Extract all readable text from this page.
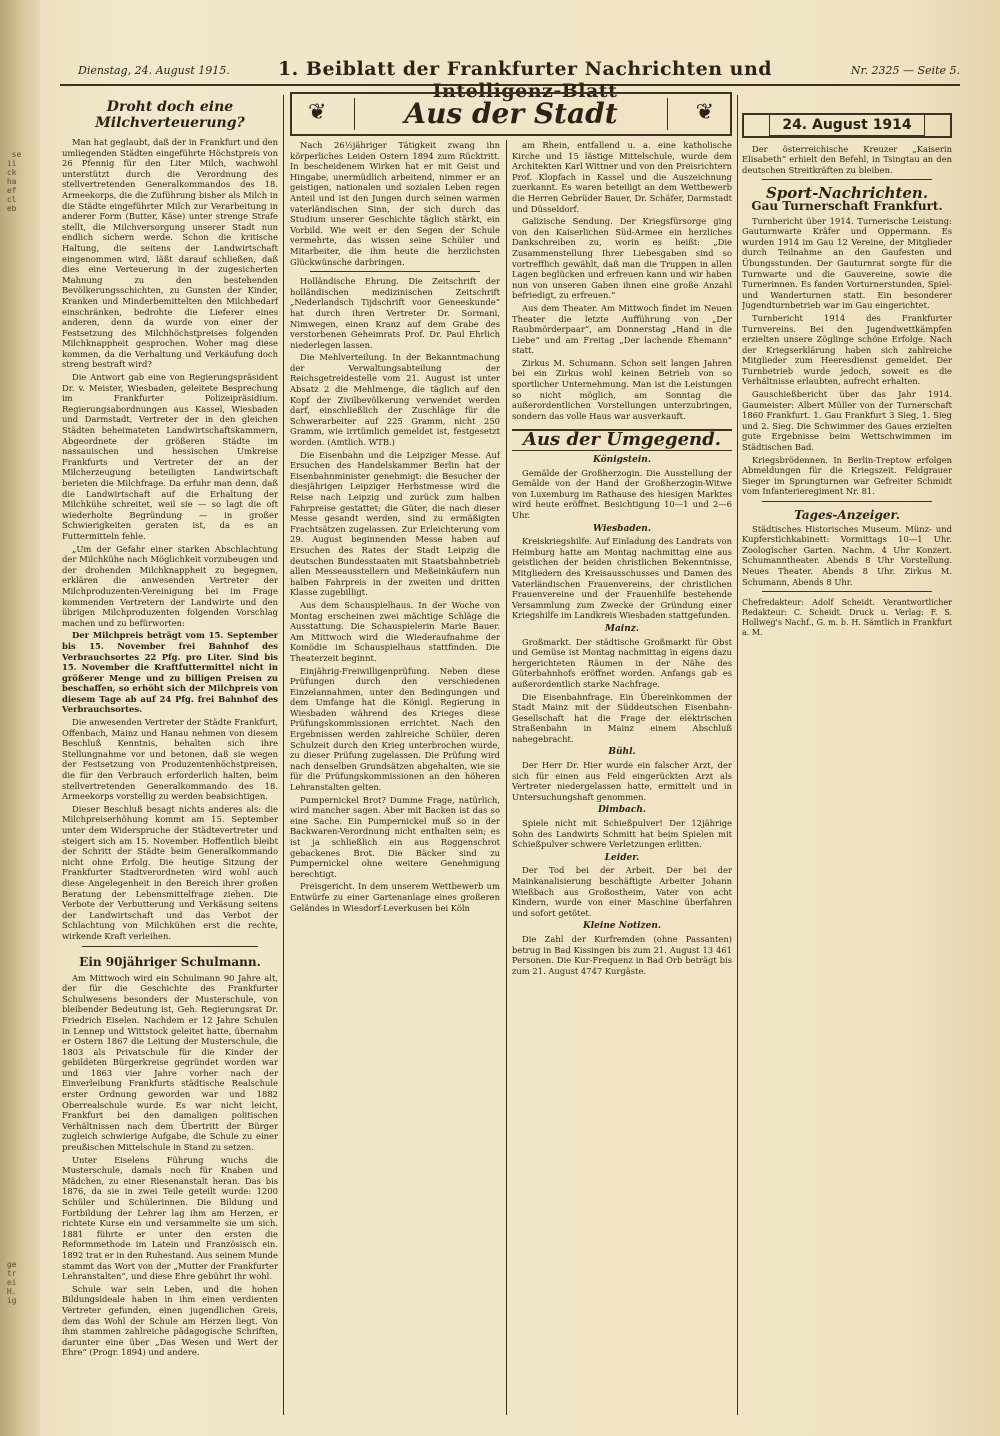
se
ii
ck
ha
ef
cl
eb
ge
tr
ei
H.
ig
Dienstag, 24. August 1915.	1. Beiblatt der Frankfurter Nachrichten und Intelligenz-Blatt
Nr. 2325 — Seite 5.
❦	Aus der Stadt	❦
Droht doch eine Milchverteuerung?

Man hat geglaubt, daß der in Frankfurt und den umliegenden Städten eingeführte Höchstpreis von 26 Pfennig für den Liter Milch, wachwohl unterstützt durch die Verordnung des stellvertretenden Generalkommandos des 18. Armeekorps, die die Zuführung bisher als Milch in die Städte eingeführter Milch zur Verarbeitung in anderer Form (Butter, Käse) unter strenge Strafe stellt, die Milchversorgung unserer Stadt nun endlich sichern werde. Schon die kritische Haltung, die seitens der Landwirtschaft eingenommen wird, läßt darauf schließen, daß dies eine Verteuerung in der zugesicherten Mahnung zu den bestehenden Bevölkerungsschichten, zu Gunsten der Kinder, Kranken und Minderbemittelten den Milchbedarf einschränken, bedrohte die Lieferer eines anderen, denn da wurde von einer der Festsetzung des Milchhöchstpreises folgenden Milchknappheit gesprochen. Woher mag diese kommen, da die Verhaltung und Verkäufung doch streng bestraft wird?

Die Antwort gab eine von Regierungspräsident Dr. v. Meister, Wiesbaden, geleitete Besprechung im Frankfurter Polizeipräsidium. Regierungsabordnungen aus Kassel, Wiesbaden und Darmstadt, Vertreter der in den gleichen Städten beheimateten Landwirtschaftskammern, Abgeordnete der größeren Städte im nassauischen und hessischen Umkreise Frankfurts und Vertreter der an der Milcherzeugung beteiligten Landwirtschaft berieten die Milchfrage. Da erfuhr man denn, daß die Landwirtschaft auf die Erhaltung der Milchkühe schreitet, weil sie — so lagt die oft wiederholte Begründung — in großer Schwierigkeiten geraten ist, da es an Futtermitteln fehle.

„Um der Gefahr einer starken Abschlachtung der Milchkühe nach Möglichkeit vorzubeugen und der drohenden Milchknappheit zu begegnen, erklären die anwesenden Vertreter der Milchproduzenten-Vereinigung bei im Frage kommenden Vertretern der Landwirte und den übrigen Milchproduzenten folgenden Vorschlag machen und zu befürworten:

Der Milchpreis beträgt vom 15. September bis 15. November frei Bahnhof des Verbrauchsortes 22 Pfg. pro Liter. Sind bis 15. November die Kraftfuttermittel nicht in größerer Menge und zu billigen Preisen zu beschaffen, so erhöht sich der Milchpreis von diesem Tage ab auf 24 Pfg. frei Bahnhof des Verbrauchsortes.

Die anwesenden Vertreter der Städte Frankfurt, Offenbach, Mainz und Hanau nehmen von diesem Beschluß Kenntnis, behalten sich ihre Stellungnahme vor und betonen, daß sie wegen der Festsetzung von Produzentenhöchstpreisen, die für den Verbrauch erforderlich halten, beim stellvertretenden Generalkommando des 18. Armeekorps vorstellig zu werden beabsichtigen.

Dieser Beschluß besagt nichts anderes als: die Milchpreiserhöhung kommt am 15. September unter dem Widerspruche der Städtevertreter und steigert sich am 15. November. Hoffentlich bleibt der Schritt der Städte beim Generalkommando nicht ohne Erfolg. Die heutige Sitzung der Frankfurter Stadtverordneten wird wohl auch diese Angelegenheit in den Bereich ihrer großen Beratung der Lebensmittelfrage ziehen. Die Verbote der Verbutterung und Verkäsung seitens der Landwirtschaft und das Verbot der Schlachtung von Milchkühen erst die rechte, wirkende Kraft verleihen.

Ein 90jähriger Schulmann.

Am Mittwoch wird ein Schulmann 90 Jahre alt, der für die Geschichte des Frankfurter Schulwesens besonders der Musterschule, von bleibender Bedeutung ist, Geh. Regierungsrat Dr. Friedrich Eiselen. Nachdem er 12 Jahre Schulen in Lennep und Wittstock geleitet hatte, übernahm er Ostern 1867 die Leitung der Musterschule, die 1803 als Privatschule für die Kinder der gebildeten Bürgerkreise gegründet worden war und 1863 vier Jahre vorher nach der Einverleibung Frankfurts städtische Realschule erster Ordnung geworden war und 1882 Oberrealschule wurde. Es war nicht leicht, Frankfurt bei den damaligen politischen Verhältnissen nach dem Übertritt der Bürger zugleich schwierige Aufgabe, die Schule zu einer preußischen Mittelschule in Stand zu setzen.

Unter Eiselens Führung wuchs die Musterschule, damals noch für Knaben und Mädchen, zu einer Riesenanstalt heran. Das bis 1876, da sie in zwei Teile geteilt wurde: 1200 Schüler und Schülerinnen. Die Bildung und Fortbildung der Lehrer lag ihm am Herzen, er richtete Kurse ein und versammelte sie um sich. 1881 führte er unter den ersten die Reformmethode im Latein und Französisch ein. 1892 trat er in den Ruhestand. Aus seinem Munde stammt das Wort von der „Mutter der Frankfurter Lehranstalten“, und diese Ehre gebührt ihr wohl.

Schule war sein Leben, und die hohen Bildungsideale haben in ihm einen verdienten Vertreter gefunden, einen jugendlichen Greis, dem das Wohl der Schule am Herzen liegt. Von ihm stammen zahlreiche pädagogische Schriften, darunter eine über „Das Wesen und Wert der Ehre“ (Progr. 1894) und andere.

Nach 26½jähriger Tätigkeit zwang ihn körperliches Leiden Ostern 1894 zum Rücktritt. In bescheidenem Wirken hat er mit Geist und Hingabe, unermüdlich arbeitend, nimmer er an geistigen, nationalen und sozialen Leben regen Anteil und ist den Jungen durch seinen warmen vaterländischen Sinn, der sich durch das Studium unserer Geschichte täglich stärkt, ein Vorbild. Wie weit er den Segen der Schule vermehrte, das wissen seine Schüler und Mitarbeiter, die ihm heute die herzlichsten Glückwünsche darbringen.

Holländische Ehrung. Die Zeitschrift der holländischen medizinischen Zeitschrift „Nederlandsch Tijdschrift voor Geneeskunde“ hat durch ihren Vertreter Dr. Sormani, Nimwegen, einen Kranz auf dem Grabe des verstorbenen Geheimrats Prof. Dr. Paul Ehrlich niederlegen lassen.

Die Mehlverteilung. In der Bekanntmachung der Verwaltungsabteilung der Reichsgetreidestelle vom 21. August ist unter Absatz 2 die Mehlmenge, die täglich auf den Kopf der Zivilbevölkerung verwendet werden darf, einschließlich der Zuschläge für die Schwerarbeiter auf 225 Gramm, nicht 250 Gramm, wie irrtümlich gemeldet ist, festgesetzt worden. (Amtlich. WTB.)

Die Eisenbahn und die Leipziger Messe. Auf Ersuchen des Handelskammer Berlin hat der Eisenbahnminister genehmigt: die Besucher der diesjährigen Leipziger Herbstmesse wird die Reise nach Leipzig und zurück zum halben Fahrpreise gestattet; die Güter, die nach dieser Messe gesandt werden, sind zu ermäßigten Frachtsätzen zugelassen. Zur Erleichterung vom 29. August beginnenden Messe haben auf Ersuchen des Rates der Stadt Leipzig die deutschen Bundesstaaten mit Staatsbahnbetrieb allen Messeausstellern und Meßeinkäufern nun halben Fahrpreis in der zweiten und dritten Klasse zugebilligt.

Aus dem Schauspielhaus. In der Woche von Montag erscheinen zwei mächtige Schläge die Ausstattung. Die Schauspielerin Marie Bauer. Am Mittwoch wird die Wiederaufnahme der Komödie im Schauspielhaus stattfinden. Die Theaterzeit beginnt.

Einjährig-Freiwilligenprüfung. Neben diese Prüfungen durch den verschiedenen Einzelannahmen, unter den Bedingungen und dem Umfange hat die Königl. Regierung in Wiesbaden während des Krieges diese Prüfungskommissionen errichtet. Nach den Ergebnissen werden zahlreiche Schüler, deren Schulzeit durch den Krieg unterbrochen wurde, zu dieser Prüfung zugelassen. Die Prüfung wird nach denselben Grundsätzen abgehalten, wie sie für die Prüfungskommissionen an den höheren Lehranstalten gelten.

Pumpernickel Brot? Dumme Frage, natürlich, wird mancher sagen. Aber mit Backen ist das so eine Sache. Ein Pumpernickel muß so in der Backwaren-Verordnung nicht enthalten sein; es ist ja schließlich ein aus Roggenschrot gebackenes Brot. Die Bäcker sind zu Pumpernickel ohne weitere Genehmigung berechtigt.

Preisgericht. In dem unserem Wettbewerb um Entwürfe zu einer Gartenanlage eines großeren Geländes in Wiesdorf-Leverkusen bei Köln

am Rhein, entfallend u. a. eine katholische Kirche und 15 lästige Mittelschule, wurde dem Architekten Karl Wittner und von den Preisrichtern Prof. Klopfach in Kassel und die Auszeichnung zuerkannt. Es waren beteiligt an dem Wettbewerb die Herren Gebrüder Bauer, Dr. Schäfer, Darmstadt und Düsseldorf.

Galizische Sendung. Der Kriegsfürsorge ging von den Kaiserlichen Süd-Armee ein herzliches Dankschreiben zu, worin es heißt: „Die Zusammenstellung Ihrer Liebesgaben sind so vortrefflich gewählt, daß man die Truppen in allen Lagen beglücken und erfreuen kann und wir haben nun von unseren Gaben ihnen eine große Anzahl befriedigt, zu erfreuen.“

Aus dem Theater. Am Mittwoch findet im Neuen Theater die letzte Aufführung von „Der Raubmörderpaar“, am Donnerstag „Hand in die Liebe“ und am Freitag „Der lachende Ehemann“ statt.

Zirkus M. Schumann. Schon seit langen Jahren bei ein Zirkus wohl keinen Betrieb von so sportlicher Unternehmung. Man ist die Leistungen so nicht möglich, am Sonntag die außerordentlichen Vorstellungen unterzubringen, sondern das volle Haus war ausverkauft.

Aus der Umgegend.
Königstein.

Gemälde der Großherzogin. Die Ausstellung der Gemälde von der Hand der Großherzogin-Witwe von Luxemburg im Rathause des hiesigen Marktes wird heute eröffnet. Besichtigung 10—1 und 2—6 Uhr.

Wiesbaden.

Kreiskriegshilfe. Auf Einladung des Landrats von Heimburg hatte am Montag nachmittag eine aus geistlichen der beiden christlichen Bekenntnisse, Mitgliedern des Kreisausschusses und Damen des Vaterländischen Frauenvereins, der christlichen Frauenvereine und der Frauenhilfe bestehende Versammlung zum Zwecke der Gründung einer Kriegshilfe im Landkreis Wiesbaden stattgefunden.

Mainz.

Großmarkt. Der städtische Großmarkt für Obst und Gemüse ist Montag nachmittag in eigens dazu hergerichteten Räumen in der Nähe des Güterbahnhofs eröffnet worden. Anfangs gab es außerordentlich starke Nachfrage.

Die Eisenbahnfrage. Ein Übereinkommen der Stadt Mainz mit der Süddeutschen Eisenbahn-Gesellschaft hat die Frage der elektrischen Straßenbahn in Mainz einem Abschluß nahegebracht.

Bühl.

Der Herr Dr. Hier wurde ein falscher Arzt, der sich für einen aus Feld eingerückten Arzt als Vertreter niedergelassen hatte, ermittelt und in Untersuchungshaft genommen.

Dimbach.

Spiele nicht mit Schießpulver! Der 12jährige Sohn des Landwirts Schmitt hat beim Spielen mit Schießpulver schwere Verletzungen erlitten.

Leider.

Der Tod bei der Arbeit. Der bei der Mainkanalisierung beschäftigte Arbeiter Johann Wießbach aus Großostheim, Vater von acht Kindern, wurde von einer Maschine überfahren und sofort getötet.

Kleine Notizen.

Die Zahl der Kurfremden (ohne Passanten) betrug in Bad Kissingen bis zum 21. August 13 461 Personen. Die Kur-Frequenz in Bad Orb beträgt bis zum 21. August 4747 Kurgäste.

24. August 1914

Der österreichische Kreuzer „Kaiserin Elisabeth“ erhielt den Befehl, in Tsingtau an den deutschen Streitkräften zu bleiben.

Sport-Nachrichten.
Gau Turnerschaft Frankfurt.

Turnbericht über 1914. Turnerische Leistung: Gauturnwarte Kräfer und Oppermann. Es wurden 1914 im Gau 12 Vereine, der Mitglieder durch Teilnahme an den Gaufesten und Übungsstunden. Der Gauturnrat sorgte für die Turnwarte und die Gauvereine, sowie die Turnerinnen. Es fanden Vorturnerstunden, Spiel- und Wanderturnen statt. Ein besonderer Jugendturnbetrieb war im Gau eingerichtet.

Turnbericht 1914 des Frankfurter Turnvereins. Bei den Jugendwettkämpfen erzielten unsere Zöglinge schöne Erfolge. Nach der Kriegserklärung haben sich zahlreiche Mitglieder zum Heeresdienst gemeldet. Der Turnbetrieb wurde jedoch, soweit es die Verhältnisse erlaubten, aufrecht erhalten.

Gauschießbericht über das Jahr 1914. Gaumeister: Albert Müller von der Turnerschaft 1860 Frankfurt. 1. Gau Frankfurt 3 Sieg, 1. Sieg und 2. Sieg. Die Schwimmer des Gaues erzielten gute Ergebnisse beim Wettschwimmen im Städtischen Bad.

Kriegsbrödennen. In Berlin-Treptow erfolgen Abmeldungen für die Kriegszeit. Feldgrauer Sieger im Sprungturnen war Gefreiter Schmidt vom Infanterieregiment Nr. 81.

Tages-Anzeiger.

Städtisches Historisches Museum. Münz- und Kupferstichkabinett: Vormittags 10—1 Uhr. Zoologischer Garten. Nachm. 4 Uhr Konzert. Schumanntheater. Abends 8 Uhr Vorstellung. Neues Theater. Abends 8 Uhr. Zirkus M. Schumann, Abends 8 Uhr.

Chefredakteur: Adolf Scheidt. Verantwortlicher Redakteur: C. Scheidt. Druck u. Verlag: F. S. Hollweg's Nachf., G. m. b. H. Sämtlich in Frankfurt a. M.
